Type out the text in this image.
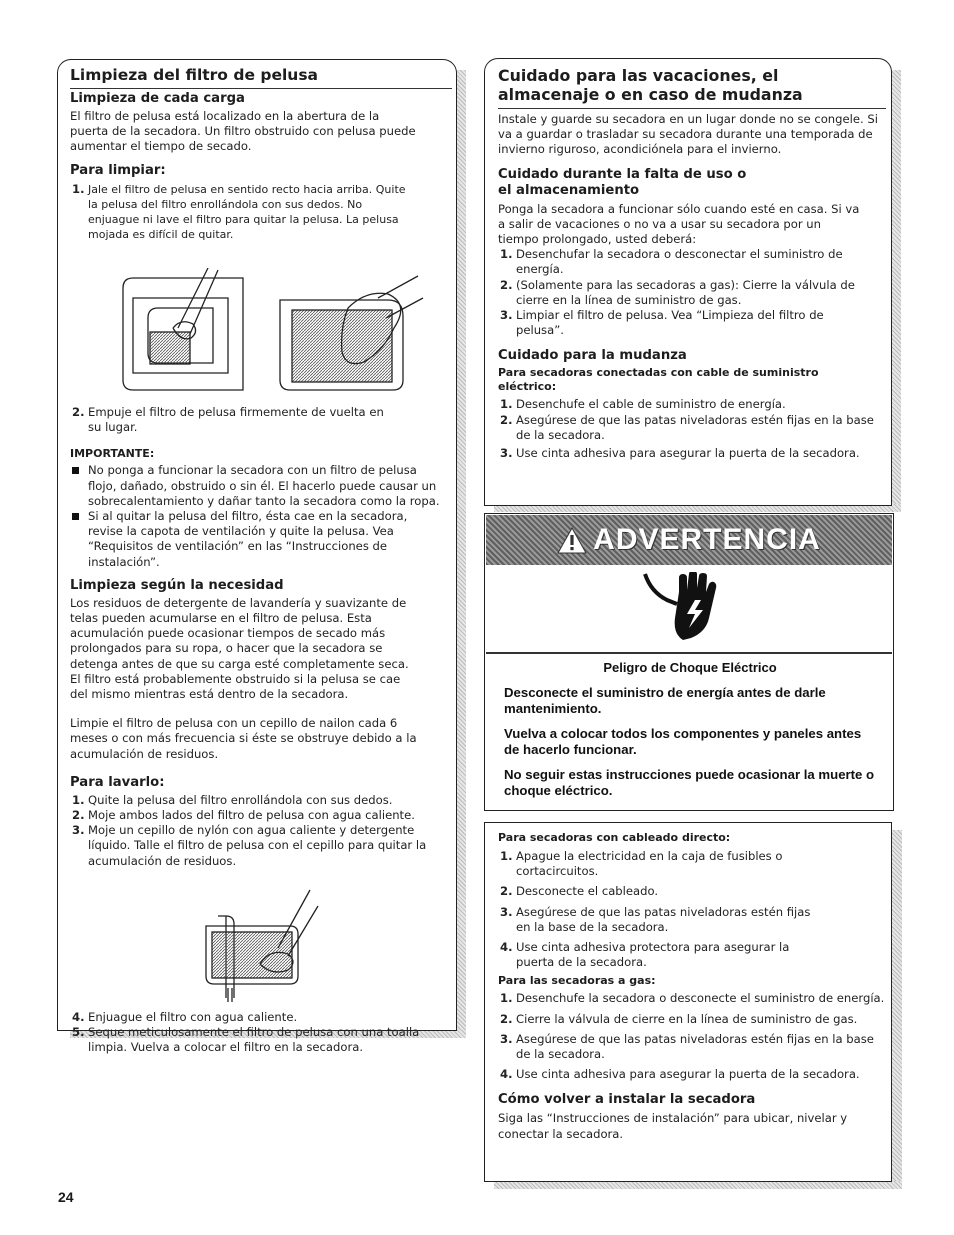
Limpieza del filtro de pelusa
Limpieza de cada carga
El filtro de pelusa está localizado en la abertura de la puerta de la secadora. Un filtro obstruido con pelusa puede aumentar el tiempo de secado.
Para limpiar:
1. Jale el filtro de pelusa en sentido recto hacia arriba. Quite la pelusa del filtro enrollándola con sus dedos. No enjuague ni lave el filtro para quitar la pelusa. La pelusa mojada es difícil de quitar.
2. Empuje el filtro de pelusa firmemente de vuelta en su lugar.
IMPORTANTE:
No ponga a funcionar la secadora con un filtro de pelusa flojo, dañado, obstruido o sin él. El hacerlo puede causar un sobrecalentamiento y dañar tanto la secadora como la ropa.
Si al quitar la pelusa del filtro, ésta cae en la secadora, revise la capota de ventilación y quite la pelusa. Vea “Requisitos de ventilación” en las “Instrucciones de instalación”.
Limpieza según la necesidad
Los residuos de detergente de lavandería y suavizante de telas pueden acumularse en el filtro de pelusa. Esta acumulación puede ocasionar tiempos de secado más prolongados para su ropa, o hacer que la secadora se detenga antes de que su carga esté completamente seca. El filtro está probablemente obstruido si la pelusa se cae del mismo mientras está dentro de la secadora.
Limpie el filtro de pelusa con un cepillo de nailon cada 6 meses o con más frecuencia si éste se obstruye debido a la acumulación de residuos.
Para lavarlo:
1. Quite la pelusa del filtro enrollándola con sus dedos.
2. Moje ambos lados del filtro de pelusa con agua caliente.
3. Moje un cepillo de nylón con agua caliente y detergente líquido. Talle el filtro de pelusa con el cepillo para quitar la acumulación de residuos.
4. Enjuague el filtro con agua caliente.
5. Seque meticulosamente el filtro de pelusa con una toalla limpia. Vuelva a colocar el filtro en la secadora.
Cuidado para las vacaciones, el almacenaje o en caso de mudanza
Instale y guarde su secadora en un lugar donde no se congele. Si va a guardar o trasladar su secadora durante una temporada de invierno riguroso, acondiciónela para el invierno.
Cuidado durante la falta de uso o el almacenamiento
Ponga la secadora a funcionar sólo cuando esté en casa. Si va a salir de vacaciones o no va a usar su secadora por un tiempo prolongado, usted deberá:
1. Desenchufar la secadora o desconectar el suministro de energía.
2. (Solamente para las secadoras a gas): Cierre la válvula de cierre en la línea de suministro de gas.
3. Limpiar el filtro de pelusa. Vea “Limpieza del filtro de pelusa”.
Cuidado para la mudanza
Para secadoras conectadas con cable de suministro eléctrico:
1. Desenchufe el cable de suministro de energía.
2. Asegúrese de que las patas niveladoras estén fijas en la base de la secadora.
3. Use cinta adhesiva para asegurar la puerta de la secadora.
ADVERTENCIA
Peligro de Choque Eléctrico
Desconecte el suministro de energía antes de darle mantenimiento.
Vuelva a colocar todos los componentes y paneles antes de hacerlo funcionar.
No seguir estas instrucciones puede ocasionar la muerte o choque eléctrico.
Para secadoras con cableado directo:
1. Apague la electricidad en la caja de fusibles o cortacircuitos.
2. Desconecte el cableado.
3. Asegúrese de que las patas niveladoras estén fijas en la base de la secadora.
4. Use cinta adhesiva protectora para asegurar la puerta de la secadora.
Para las secadoras a gas:
1. Desenchufe la secadora o desconecte el suministro de energía.
2. Cierre la válvula de cierre en la línea de suministro de gas.
3. Asegúrese de que las patas niveladoras estén fijas en la base de la secadora.
4. Use cinta adhesiva para asegurar la puerta de la secadora.
Cómo volver a instalar la secadora
Siga las “Instrucciones de instalación” para ubicar, nivelar y conectar la secadora.
24
